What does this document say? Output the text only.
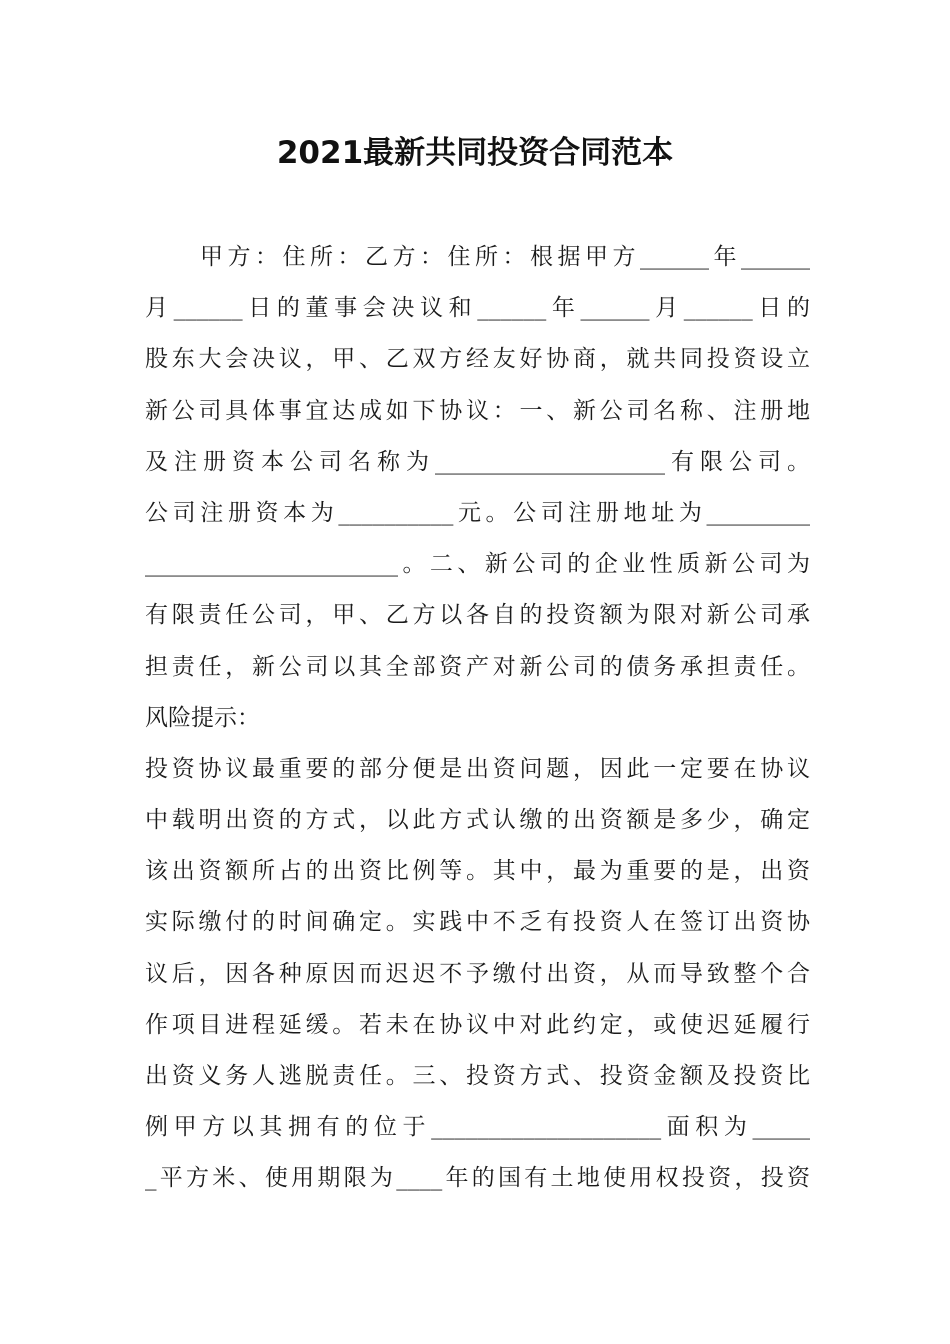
2021最新共同投资合同范本
　　甲方：住所：乙方：住所：根据甲方______年______
月______日的董事会决议和______年______月______日的
股东大会决议，甲、乙双方经友好协商，就共同投资设立
新公司具体事宜达成如下协议：一、新公司名称、注册地
及注册资本公司名称为____________________有限公司。
公司注册资本为__________元。公司注册地址为_________
______________________。二、新公司的企业性质新公司为
有限责任公司，甲、乙方以各自的投资额为限对新公司承
担责任，新公司以其全部资产对新公司的债务承担责任。
风险提示：
投资协议最重要的部分便是出资问题，因此一定要在协议
中载明出资的方式，以此方式认缴的出资额是多少，确定
该出资额所占的出资比例等。其中，最为重要的是，出资
实际缴付的时间确定。实践中不乏有投资人在签订出资协
议后，因各种原因而迟迟不予缴付出资，从而导致整个合
作项目进程延缓。若未在协议中对此约定，或使迟延履行
出资义务人逃脱责任。三、投资方式、投资金额及投资比
例甲方以其拥有的位于____________________面积为_____
_平方米、使用期限为____年的国有土地使用权投资，投资
